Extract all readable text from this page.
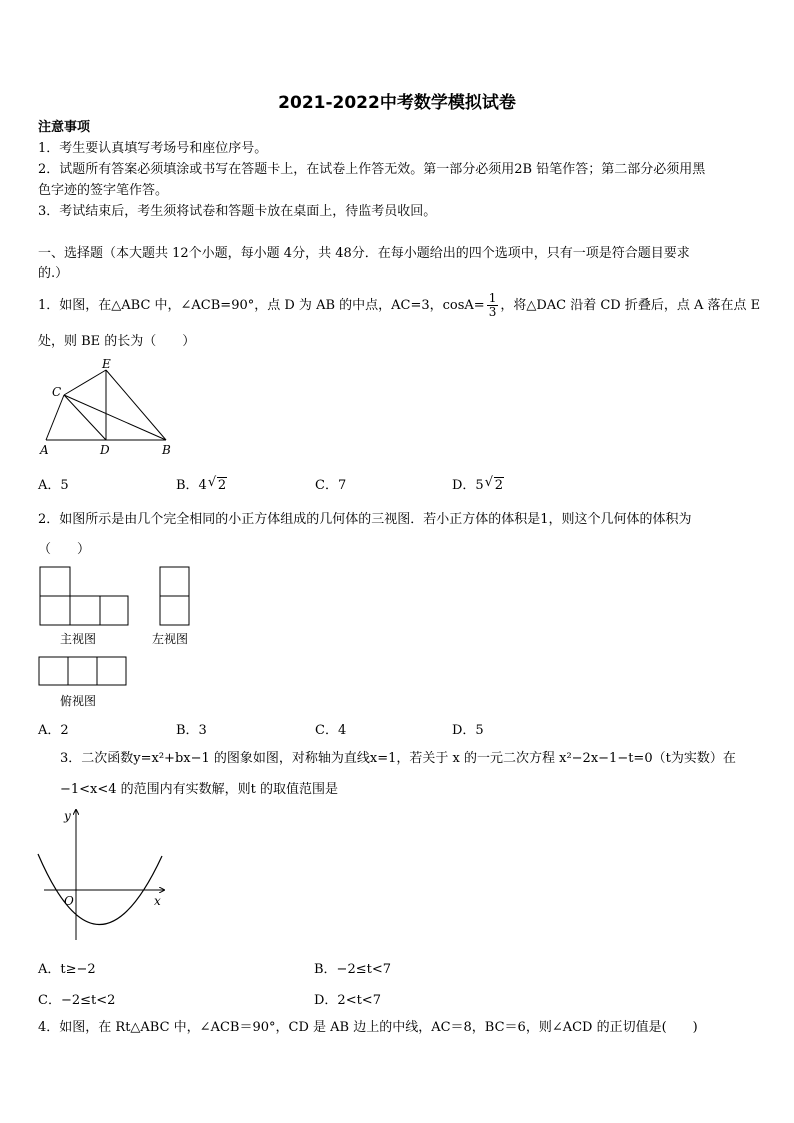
2021-2022中考数学模拟试卷
注意事项
1．考生要认真填写考场号和座位序号。
2．试题所有答案必须填涂或书写在答题卡上，在试卷上作答无效。第一部分必须用2B 铅笔作答；第二部分必须用黑
色字迹的签字笔作答。
3．考试结束后，考生须将试卷和答题卡放在桌面上，待监考员收回。
一、选择题（本大题共 12个小题，每小题 4分，共 48分．在每小题给出的四个选项中，只有一项是符合题目要求
的.）
1．如图，在△ABC 中，∠ACB=90°，点 D 为 AB 的中点，AC=3，$\cos A= \frac{1}{3}$ ，将△DAC 沿着 CD 折叠后，点 A 落在点 E
处，则 BE 的长为（　　）
C
E
A	D	B
A．5	B．4 √ 2	C．7	D．5 √ 2
2．如图所示是由几个完全相同的小正方体组成的几何体的三视图．若小正方体的体积是1，则这个几何体的体积为
（　　）
主视图	左视图
俯视图
A．2	B．3	C．4	D．5
3．二次函数y=x²+bx−1 的图象如图，对称轴为直线x=1，若关于 x 的一元二次方程 x²−2x−1−t=0（t为实数）在
−1<x<4 的范围内有实数解，则t 的取值范围是
y
O	x
A．t≥−2	B．−2≤t<7
C．−2≤t<2	D．2<t<7
4．如图，在 Rt△ABC 中，∠ACB＝90°，CD 是 AB 边上的中线，AC＝8，BC＝6，则∠ACD 的正切值是(　　)
